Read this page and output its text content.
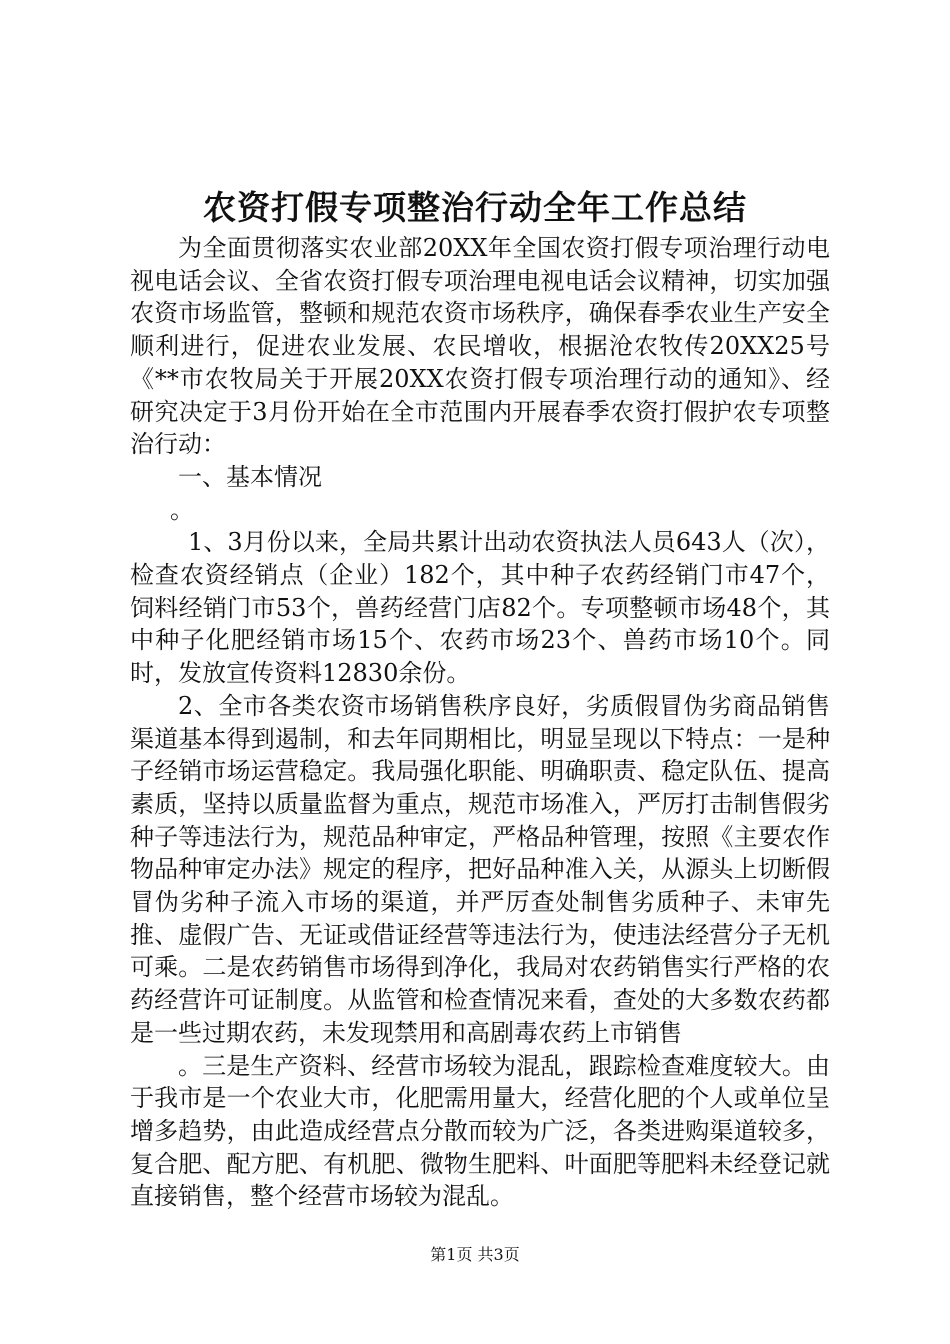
农资打假专项整治行动全年工作总结

为全面贯彻落实农业部20XX年全国农资打假专项治理行动电视电话会议、全省农资打假专项治理电视电话会议精神，切实加强农资市场监管，整顿和规范农资市场秩序，确保春季农业生产安全顺利进行，促进农业发展、农民增收，根据沧农牧传20XX25号《**市农牧局关于开展20XX农资打假专项治理行动的通知》、经研究决定于3月份开始在全市范围内开展春季农资打假护农专项整治行动：

一、基本情况

。

1、3月份以来，全局共累计出动农资执法人员643人（次），检查农资经销点（企业）182个，其中种子农药经销门市47个，饲料经销门市53个，兽药经营门店82个。专项整顿市场48个，其中种子化肥经销市场15个、农药市场23个、兽药市场10个。同时，发放宣传资料12830余份。

2、全市各类农资市场销售秩序良好，劣质假冒伪劣商品销售渠道基本得到遏制，和去年同期相比，明显呈现以下特点：一是种子经销市场运营稳定。我局强化职能、明确职责、稳定队伍、提高素质，坚持以质量监督为重点，规范市场准入，严厉打击制售假劣种子等违法行为，规范品种审定，严格品种管理，按照《主要农作物品种审定办法》规定的程序，把好品种准入关，从源头上切断假冒伪劣种子流入市场的渠道，并严厉查处制售劣质种子、未审先推、虚假广告、无证或借证经营等违法行为，使违法经营分子无机可乘。二是农药销售市场得到净化，我局对农药销售实行严格的农药经营许可证制度。从监管和检查情况来看，查处的大多数农药都是一些过期农药，未发现禁用和高剧毒农药上市销售

。三是生产资料、经营市场较为混乱，跟踪检查难度较大。由于我市是一个农业大市，化肥需用量大，经营化肥的个人或单位呈增多趋势，由此造成经营点分散而较为广泛，各类进购渠道较多，复合肥、配方肥、有机肥、微物生肥料、叶面肥等肥料未经登记就直接销售，整个经营市场较为混乱。

第1页 共3页
